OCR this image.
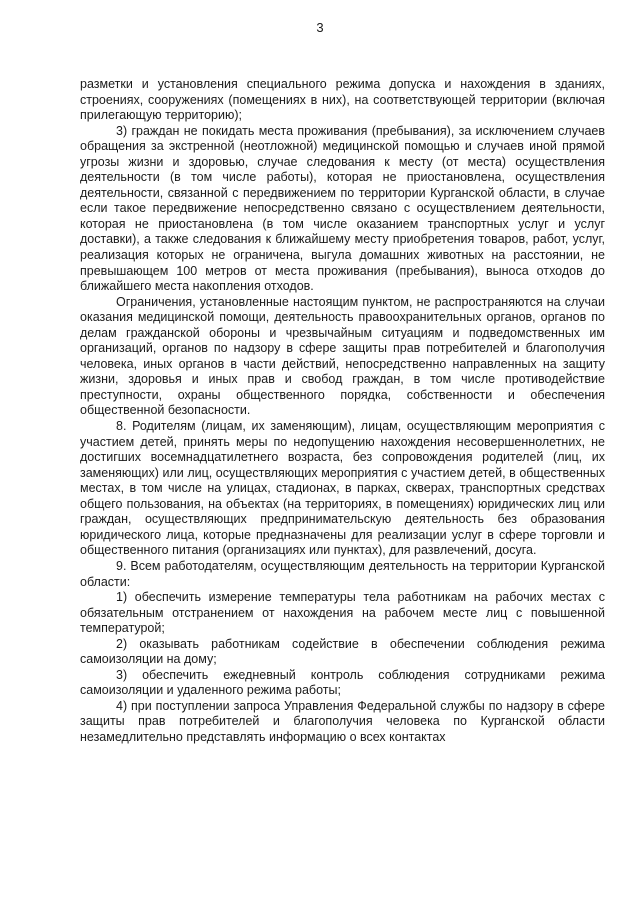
3

разметки и установления специального режима допуска и нахождения в зданиях, строениях, сооружениях (помещениях в них), на соответствующей территории (включая прилегающую территорию);

3) граждан не покидать места проживания (пребывания), за исключением случаев обращения за экстренной (неотложной) медицинской помощью и случаев иной прямой угрозы жизни и здоровью, случае следования к месту (от места) осуществления деятельности (в том числе работы), которая не приостановлена, осуществления деятельности, связанной с передвижением по территории Курганской области, в случае если такое передвижение непосредственно связано с осуществлением деятельности, которая не приостановлена (в том числе оказанием транспортных услуг и услуг доставки), а также следования к ближайшему месту приобретения товаров, работ, услуг, реализация которых не ограничена, выгула домашних животных на расстоянии, не превышающем 100 метров от места проживания (пребывания), выноса отходов до ближайшего места накопления отходов.

Ограничения, установленные настоящим пунктом, не распространяются на случаи оказания медицинской помощи, деятельность правоохранительных органов, органов по делам гражданской обороны и чрезвычайным ситуациям и подведомственных им организаций, органов по надзору в сфере защиты прав потребителей и благополучия человека, иных органов в части действий, непосредственно направленных на защиту жизни, здоровья и иных прав и свобод граждан, в том числе противодействие преступности, охраны общественного порядка, собственности и обеспечения общественной безопасности.

8. Родителям (лицам, их заменяющим), лицам, осуществляющим мероприятия с участием детей, принять меры по недопущению нахождения несовершеннолетних, не достигших восемнадцатилетнего возраста, без сопровождения родителей (лиц, их заменяющих) или лиц, осуществляющих мероприятия с участием детей, в общественных местах, в том числе на улицах, стадионах, в парках, скверах, транспортных средствах общего пользования, на объектах (на территориях, в помещениях) юридических лиц или граждан, осуществляющих предпринимательскую деятельность без образования юридического лица, которые предназначены для реализации услуг в сфере торговли и общественного питания (организациях или пунктах), для развлечений, досуга.

9. Всем работодателям, осуществляющим деятельность на территории Курганской области:

1) обеспечить измерение температуры тела работникам на рабочих местах с обязательным отстранением от нахождения на рабочем месте лиц с повышенной температурой;

2) оказывать работникам содействие в обеспечении соблюдения режима самоизоляции на дому;

3) обеспечить ежедневный контроль соблюдения сотрудниками режима самоизоляции и удаленного режима работы;

4) при поступлении запроса Управления Федеральной службы по надзору в сфере защиты прав потребителей и благополучия человека по Курганской области незамедлительно представлять информацию о всех контактах
